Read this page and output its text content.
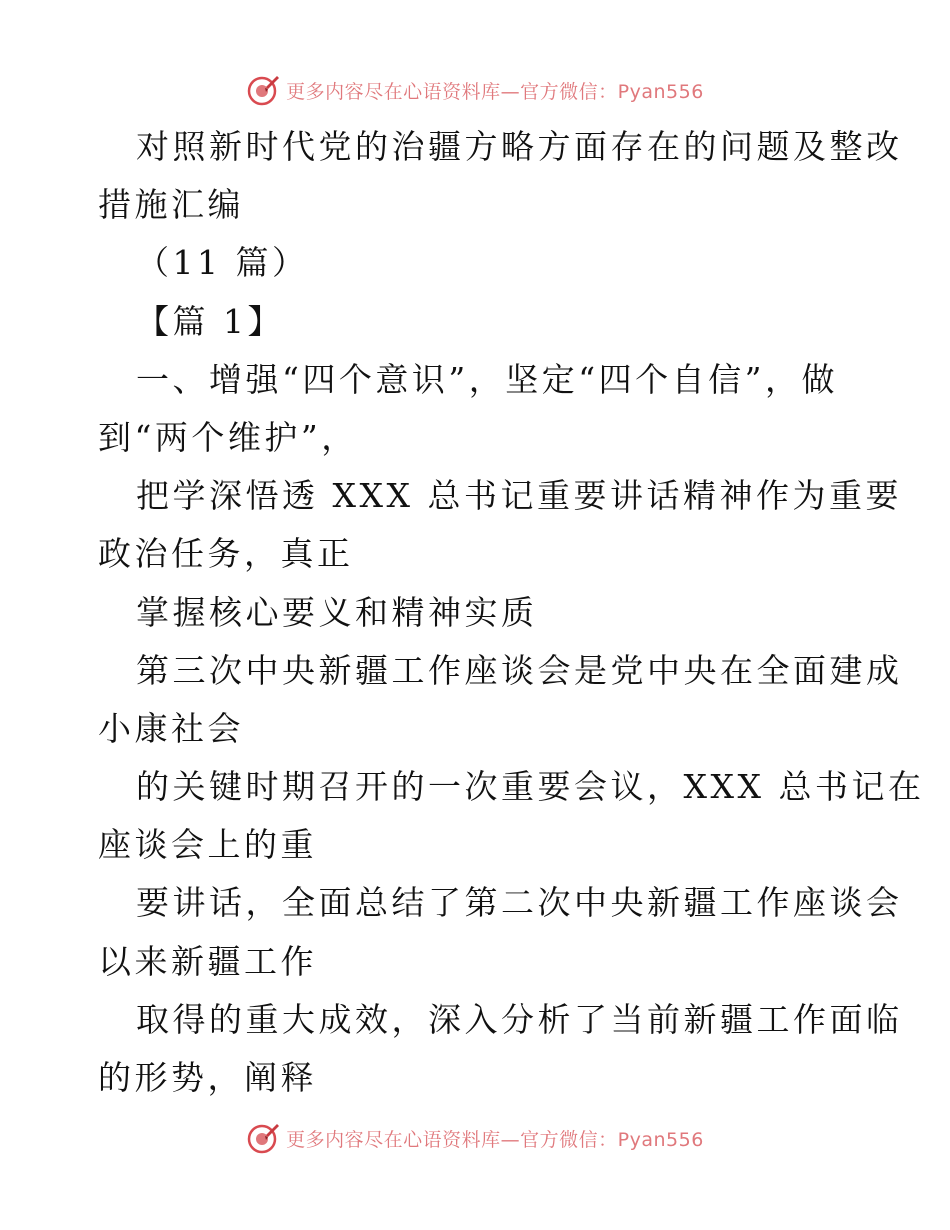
更多内容尽在心语资料库—官方微信：Pyan556
对照新时代党的治疆方略方面存在的问题及整改
措施汇编
（11 篇）
【篇 1】
一、增强“四个意识”，坚定“四个自信”，做
到“两个维护”，
把学深悟透 XXX 总书记重要讲话精神作为重要
政治任务，真正
掌握核心要义和精神实质
第三次中央新疆工作座谈会是党中央在全面建成
小康社会
的关键时期召开的一次重要会议，XXX 总书记在
座谈会上的重
要讲话，全面总结了第二次中央新疆工作座谈会
以来新疆工作
取得的重大成效，深入分析了当前新疆工作面临
的形势，阐释
更多内容尽在心语资料库—官方微信：Pyan556
